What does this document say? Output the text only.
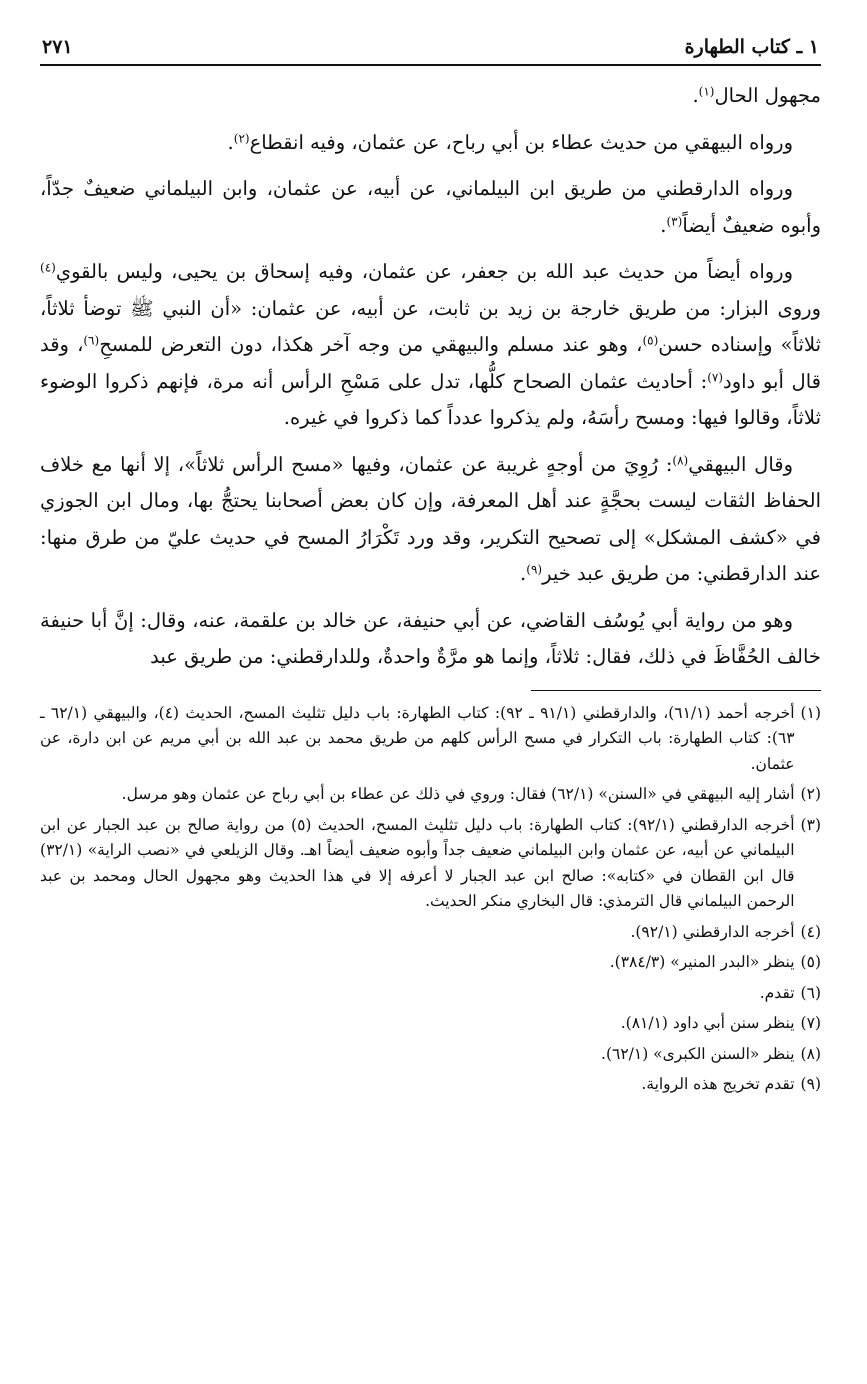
١ ـ كتاب الطهارة
٢٧١

مجهول الحال$^{(١)}$.

ورواه البيهقي من حديث عطاء بن أبي رباح، عن عثمان، وفيه انقطاع$^{(٢)}$.

ورواه الدارقطني من طريق ابن البيلماني، عن أبيه، عن عثمان، وابن البيلماني ضعيفٌ جدّاً، وأبوه ضعيفٌ أيضاً$^{(٣)}$.

ورواه أيضاً من حديث عبد الله بن جعفر، عن عثمان، وفيه إسحاق بن يحيى، وليس بالقوي$^{(٤)}$ وروى البزار: من طريق خارجة بن زيد بن ثابت، عن أبيه، عن عثمان: «أن النبي ﷺ توضأ ثلاثاً، ثلاثاً» وإسناده حسن$^{(٥)}$، وهو عند مسلم والبيهقي من وجه آخر هكذا، دون التعرض للمسحِ$^{(٦)}$، وقد قال أبو داود$^{(٧)}$: أحاديث عثمان الصحاح كلُّها، تدل على مَسْحِ الرأس أنه مرة، فإنهم ذكروا الوضوء ثلاثاً، وقالوا فيها: ومسح رأسَهُ، ولم يذكروا عدداً كما ذكروا في غيره.

وقال البيهقي$^{(٨)}$: رُوِيَ من أوجهٍ غريبة عن عثمان، وفيها «مسح الرأس ثلاثاً»، إلا أنها مع خلاف الحفاظ الثقات ليست بحجَّةٍ عند أهل المعرفة، وإن كان بعض أصحابنا يحتجُّ بها، ومال ابن الجوزي في «كشف المشكل» إلى تصحيح التكرير، وقد ورد تَكْرَارُ المسح في حديث عليّ من طرق منها: عند الدارقطني: من طريق عبد خير$^{(٩)}$.

وهو من رواية أبي يُوسُف القاضي، عن أبي حنيفة، عن خالد بن علقمة، عنه، وقال: إنَّ أبا حنيفة خالف الحُفَّاظَ في ذلك، فقال: ثلاثاً، وإنما هو مرَّةٌ واحدةٌ، وللدارقطني: من طريق عبد

(١)
أخرجه أحمد (٦١/١)، والدارقطني (٩١/١ ـ ٩٢): كتاب الطهارة: باب دليل تثليث المسح، الحديث (٤)، والبيهقي (٦٢/١ ـ ٦٣): كتاب الطهارة: باب التكرار في مسح الرأس كلهم من طريق محمد بن عبد الله بن أبي مريم عن ابن دارة، عن عثمان.
(٢)
أشار إليه البيهقي في «السنن» (٦٢/١) فقال: وروي في ذلك عن عطاء بن أبي رباح عن عثمان وهو مرسل.
(٣)
أخرجه الدارقطني (٩٢/١): كتاب الطهارة: باب دليل تثليث المسح، الحديث (٥) من رواية صالح بن عبد الجبار عن ابن البيلماني عن أبيه، عن عثمان وابن البيلماني ضعيف جداً وأبوه ضعيف أيضاً اهـ. وقال الزيلعي في «نصب الراية» (٣٢/١) قال ابن القطان في «كتابه»: صالح ابن عبد الجبار لا أعرفه إلا في هذا الحديث وهو مجهول الحال ومحمد بن عبد الرحمن البيلماني قال الترمذي: قال البخاري منكر الحديث.
(٤)
أخرجه الدارقطني (٩٢/١).
(٥)
ينظر «البدر المنير» (٣٨٤/٣).
(٦)
تقدم.
(٧)
ينظر سنن أبي داود (٨١/١).
(٨)
ينظر «السنن الكبرى» (٦٢/١).
(٩)
تقدم تخريج هذه الرواية.
